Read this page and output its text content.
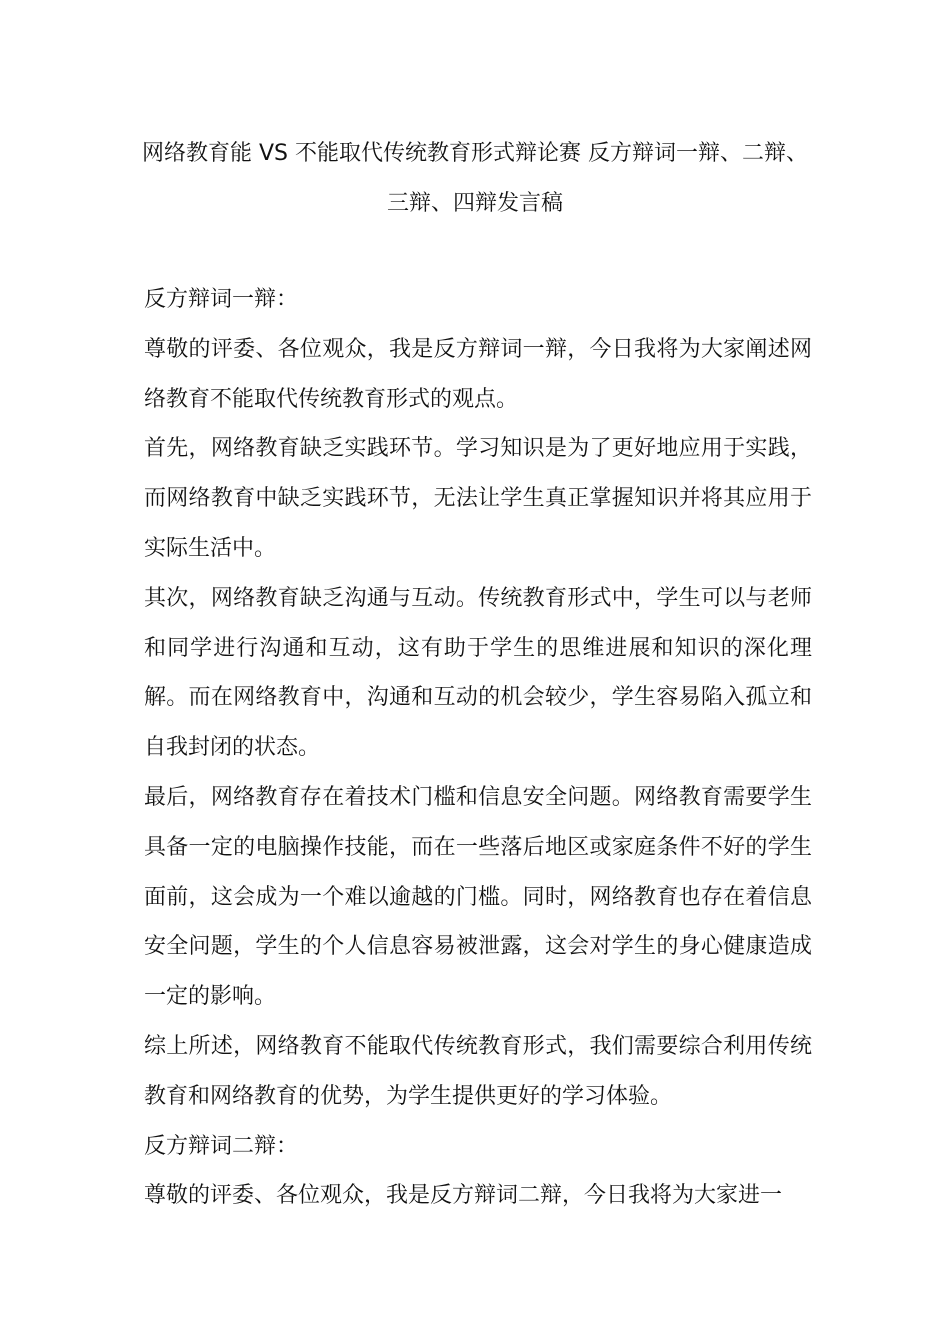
网络教育能 VS 不能取代传统教育形式辩论赛 反方辩词一辩、二辩、
三辩、四辩发言稿

反方辩词一辩：

尊敬的评委、各位观众，我是反方辩词一辩，今日我将为大家阐述网络教育不能取代传统教育形式的观点。

首先，网络教育缺乏实践环节。学习知识是为了更好地应用于实践，而网络教育中缺乏实践环节，无法让学生真正掌握知识并将其应用于实际生活中。

其次，网络教育缺乏沟通与互动。传统教育形式中，学生可以与老师和同学进行沟通和互动，这有助于学生的思维进展和知识的深化理解。而在网络教育中，沟通和互动的机会较少，学生容易陷入孤立和自我封闭的状态。

最后，网络教育存在着技术门槛和信息安全问题。网络教育需要学生具备一定的电脑操作技能，而在一些落后地区或家庭条件不好的学生面前，这会成为一个难以逾越的门槛。同时，网络教育也存在着信息安全问题，学生的个人信息容易被泄露，这会对学生的身心健康造成一定的影响。

综上所述，网络教育不能取代传统教育形式，我们需要综合利用传统教育和网络教育的优势，为学生提供更好的学习体验。

反方辩词二辩：

尊敬的评委、各位观众，我是反方辩词二辩，今日我将为大家进一
